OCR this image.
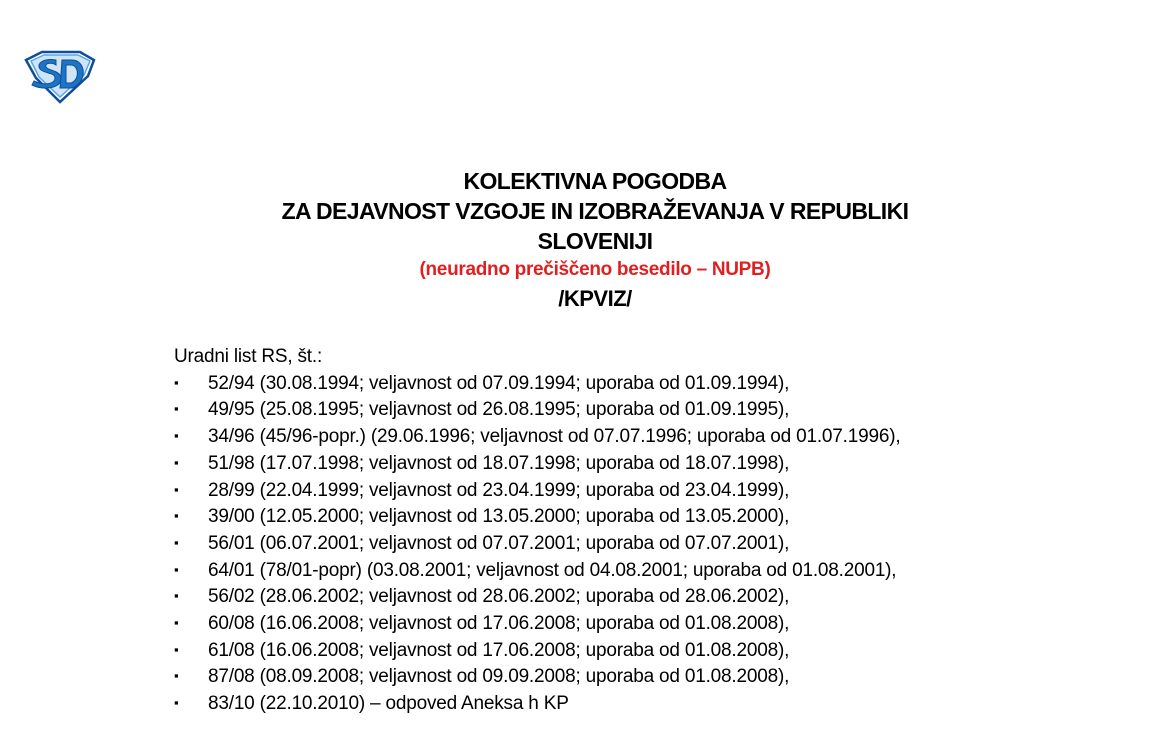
KOLEKTIVNA POGODBA
ZA DEJAVNOST VZGOJE IN IZOBRAŽEVANJA V REPUBLIKI
SLOVENIJI
(neuradno prečiščeno besedilo – NUPB)
/KPVIZ/
Uradni list RS, št.:
▪ 52/94 (30.08.1994; veljavnost od 07.09.1994; uporaba od 01.09.1994),
▪ 49/95 (25.08.1995; veljavnost od 26.08.1995; uporaba od 01.09.1995),
▪ 34/96 (45/96-popr.) (29.06.1996; veljavnost od 07.07.1996; uporaba od 01.07.1996),
▪ 51/98 (17.07.1998; veljavnost od 18.07.1998; uporaba od 18.07.1998),
▪ 28/99 (22.04.1999; veljavnost od 23.04.1999; uporaba od 23.04.1999),
▪ 39/00 (12.05.2000; veljavnost od 13.05.2000; uporaba od 13.05.2000),
▪ 56/01 (06.07.2001; veljavnost od 07.07.2001; uporaba od 07.07.2001),
▪ 64/01 (78/01-popr) (03.08.2001; veljavnost od 04.08.2001; uporaba od 01.08.2001),
▪ 56/02 (28.06.2002; veljavnost od 28.06.2002; uporaba od 28.06.2002),
▪ 60/08 (16.06.2008; veljavnost od 17.06.2008; uporaba od 01.08.2008),
▪ 61/08 (16.06.2008; veljavnost od 17.06.2008; uporaba od 01.08.2008),
▪ 87/08 (08.09.2008; veljavnost od 09.09.2008; uporaba od 01.08.2008),
▪ 83/10 (22.10.2010) – odpoved Aneksa h KP
